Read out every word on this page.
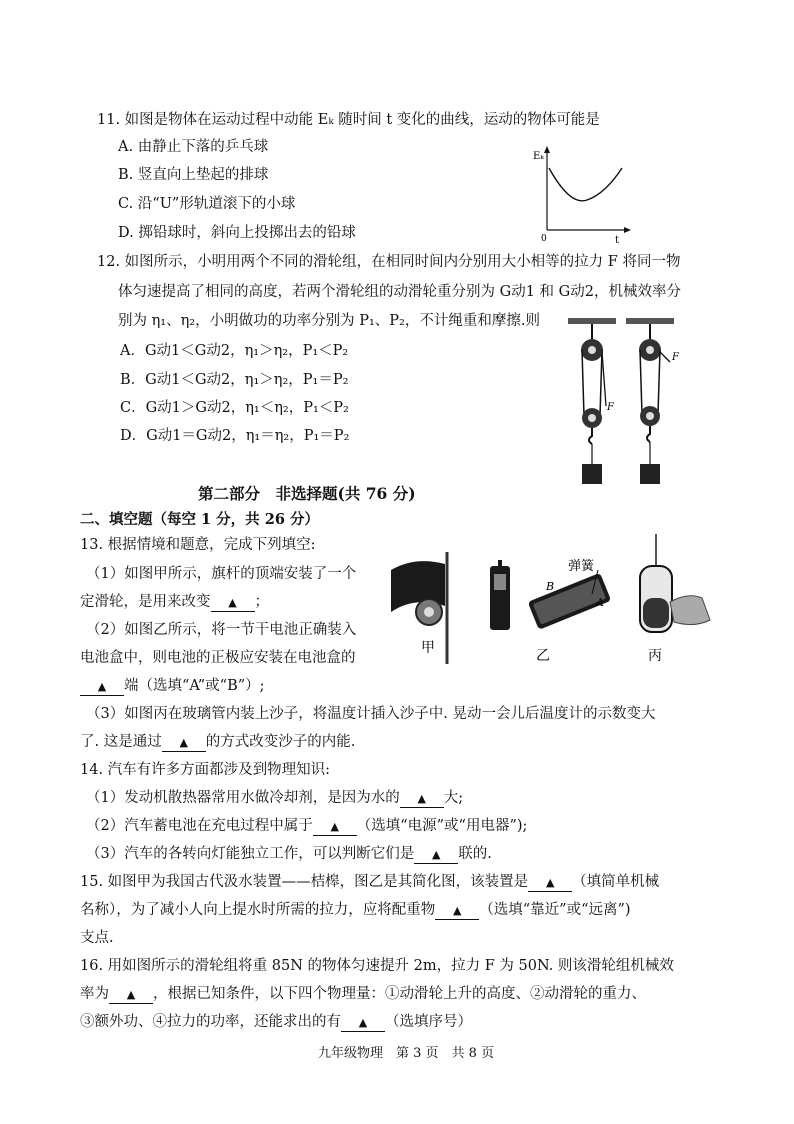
11. 如图是物体在运动过程中动能 Eₖ 随时间 t 变化的曲线，运动的物体可能是
A. 由静止下落的乒乓球
B. 竖直向上垫起的排球
C. 沿“U”形轨道滚下的小球
D. 掷铅球时，斜向上投掷出去的铅球
Eₖ
t
0
12. 如图所示，小明用两个不同的滑轮组，在相同时间内分别用大小相等的拉力 F 将同一物
体匀速提高了相同的高度，若两个滑轮组的动滑轮重分别为 G动1 和 G动2，机械效率分
别为 η₁、η₂，小明做功的功率分别为 P₁、P₂，不计绳重和摩擦.则
A．G动1＜G动2，η₁＞η₂，P₁＜P₂
B．G动1＜G动2，η₁＞η₂，P₁＝P₂
C．G动1＞G动2，η₁＜η₂，P₁＜P₂
D．G动1＝G动2，η₁＝η₂，P₁＝P₂
F
F
第二部分　非选择题(共 76 分)
二、填空题（每空 1 分，共 26 分）
13. 根据情境和题意，完成下列填空:
（1）如图甲所示，旗杆的顶端安装了一个
定滑轮，是用来改变 ▲ ；
（2）如图乙所示，将一节干电池正确装入
电池盒中，则电池的正极应安装在电池盒的
▲ 端（选填“A”或“B”）;
（3）如图丙在玻璃管内装上沙子，将温度计插入沙子中. 晃动一会儿后温度计的示数变大
了. 这是通过 ▲ 的方式改变沙子的内能.
甲
弹簧
B
A
乙	丙
14. 汽车有许多方面都涉及到物理知识:
（1）发动机散热器常用水做冷却剂，是因为水的 ▲ 大;
（2）汽车蓄电池在充电过程中属于 ▲ （选填“电源”或“用电器”);
（3）汽车的各转向灯能独立工作，可以判断它们是 ▲ 联的.
15. 如图甲为我国古代汲水装置——桔槔，图乙是其简化图，该装置是 ▲ （填简单机械
名称），为了减小人向上提水时所需的拉力，应将配重物 ▲ （选填“靠近”或“远离”)
支点.
16. 用如图所示的滑轮组将重 85N 的物体匀速提升 2m，拉力 F 为 50N. 则该滑轮组机械效
率为 ▲ ，根据已知条件，以下四个物理量：①动滑轮上升的高度、②动滑轮的重力、
③额外功、④拉力的功率，还能求出的有 ▲ （选填序号）
九年级物理　第 3 页　共 8 页
